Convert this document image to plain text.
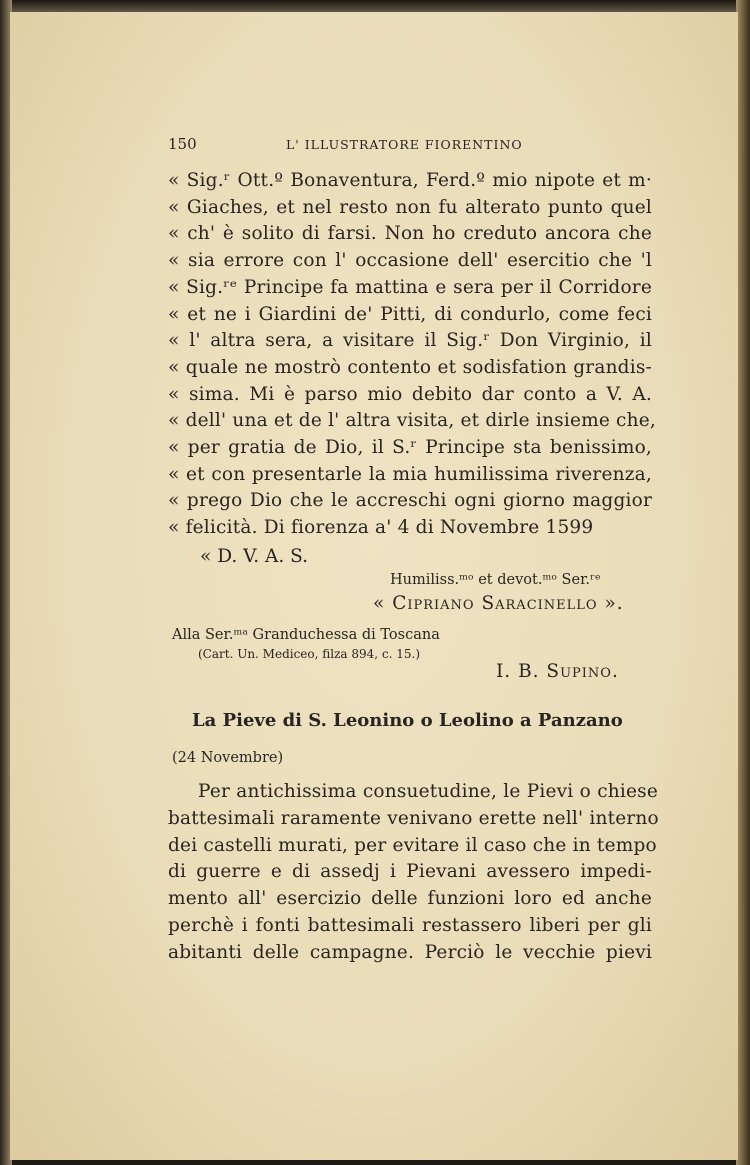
150	L' ILLUSTRATORE FIORENTINO
« Sig.ʳ Ott.º Bonaventura, Ferd.º mio nipote et m·
« Giaches, et nel resto non fu alterato punto quel
« ch' è solito di farsi. Non ho creduto ancora che
« sia errore con l' occasione dell' esercitio che 'l
« Sig.ʳᵉ Principe fa mattina e sera per il Corridore
« et ne i Giardini de' Pitti, di condurlo, come feci
« l' altra sera, a visitare il Sig.ʳ Don Virginio, il
« quale ne mostrò contento et sodisfation grandis-
« sima. Mi è parso mio debito dar conto a V. A.
« dell' una et de l' altra visita, et dirle insieme che,
« per gratia de Dio, il S.ʳ Principe sta benissimo,
« et con presentarle la mia humilissima riverenza,
« prego Dio che le accreschi ogni giorno maggior
« felicità. Di fiorenza a' 4 di Novembre 1599
« D. V. A. S.
Humiliss.ᵐᵒ et devot.ᵐᵒ Ser.ʳᵉ
« Cipriano Saracinello ».
Alla Ser.ᵐᵃ Granduchessa di Toscana
(Cart. Un. Mediceo, filza 894, c. 15.)
I. B. Supino.
La Pieve di S. Leonino o Leolino a Panzano
(24 Novembre)
Per antichissima consuetudine, le Pievi o chiese
battesimali raramente venivano erette nell' interno
dei castelli murati, per evitare il caso che in tempo
di guerre e di assedj i Pievani avessero impedi-
mento all' esercizio delle funzioni loro ed anche
perchè i fonti battesimali restassero liberi per gli
abitanti delle campagne. Perciò le vecchie pievi
